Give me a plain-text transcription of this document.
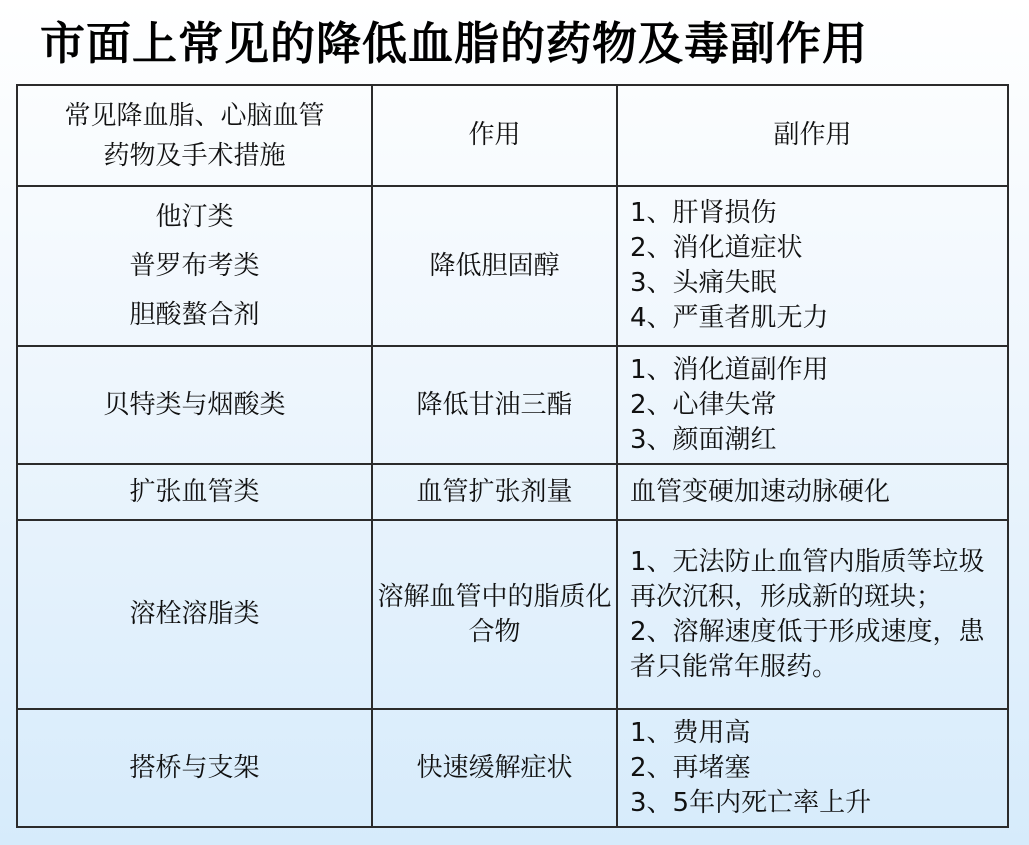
市面上常见的降低血脂的药物及毒副作用
常见降血脂、心脑血管
药物及手术措施	作用	副作用

他汀类
普罗布考类
胆酸螯合剂	降低胆固醇	1、肝肾损伤
2、消化道症状
3、头痛失眠
4、严重者肌无力

贝特类与烟酸类	降低甘油三酯	1、消化道副作用
2、心律失常
3、颜面潮红

扩张血管类	血管扩张剂量	血管变硬加速动脉硬化

溶栓溶脂类	溶解血管中的脂质化合物	1、无法防止血管内脂质等垃圾再次沉积，形成新的斑块；
2、溶解速度低于形成速度，患者只能常年服药。

搭桥与支架	快速缓解症状	1、费用高
2、再堵塞
3、5年内死亡率上升
